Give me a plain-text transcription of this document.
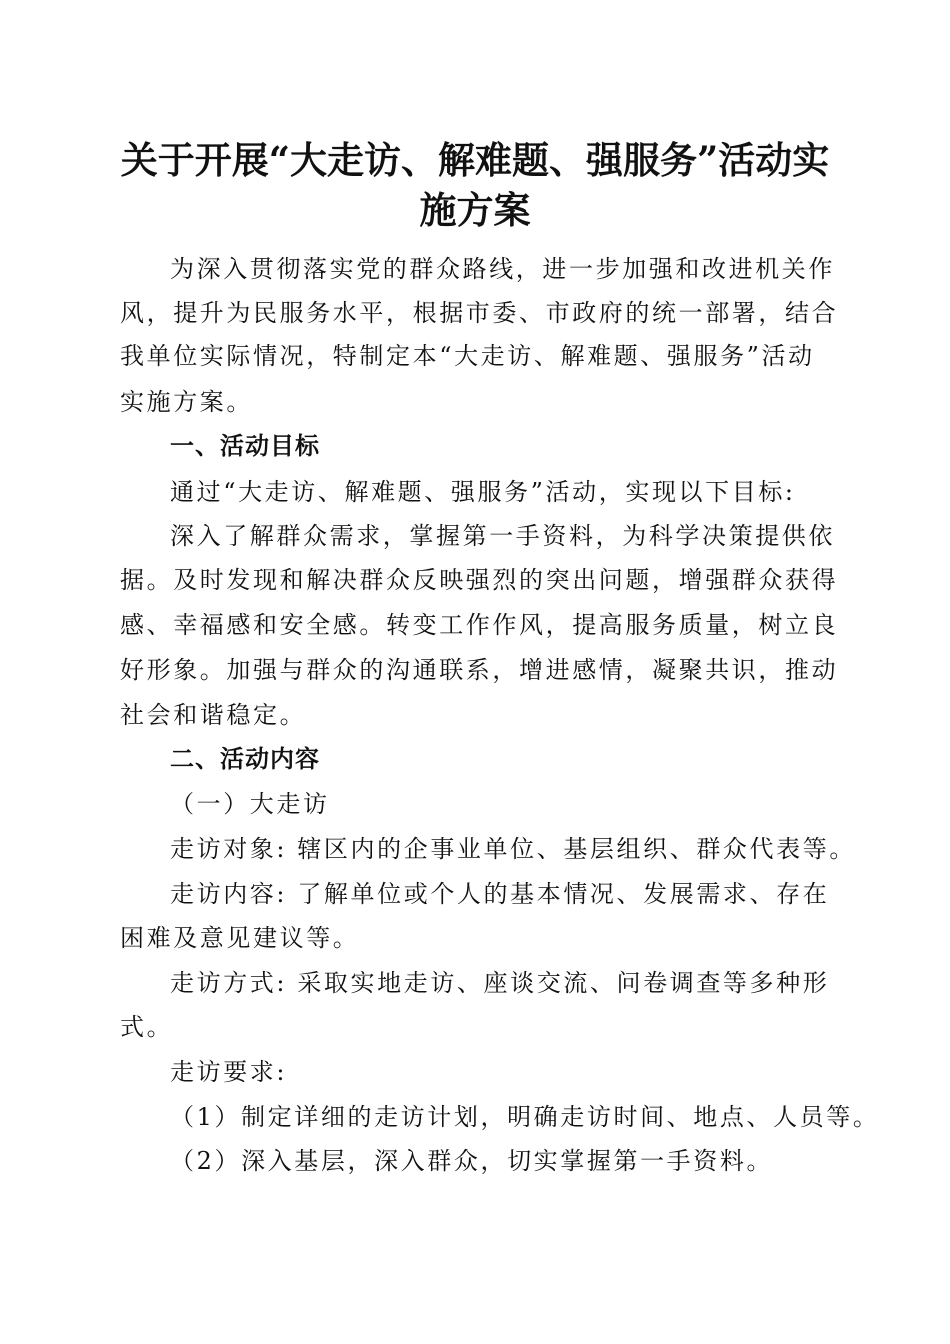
关于开展“大走访、解难题、强服务”活动实
施方案

为深入贯彻落实党的群众路线，进一步加强和改进机关作

风，提升为民服务水平，根据市委、市政府的统一部署，结合

我单位实际情况，特制定本“大走访、解难题、强服务”活动

实施方案。

一、活动目标

通过“大走访、解难题、强服务”活动，实现以下目标:

深入了解群众需求，掌握第一手资料，为科学决策提供依

据。及时发现和解决群众反映强烈的突出问题，增强群众获得

感、幸福感和安全感。转变工作作风，提高服务质量，树立良

好形象。加强与群众的沟通联系，增进感情，凝聚共识，推动

社会和谐稳定。

二、活动内容

（一）大走访

走访对象: 辖区内的企事业单位、基层组织、群众代表等。

走访内容: 了解单位或个人的基本情况、发展需求、存在

困难及意见建议等。

走访方式: 采取实地走访、座谈交流、问卷调查等多种形

式。

走访要求:

（1）制定详细的走访计划，明确走访时间、地点、人员等。

（2）深入基层，深入群众，切实掌握第一手资料。
